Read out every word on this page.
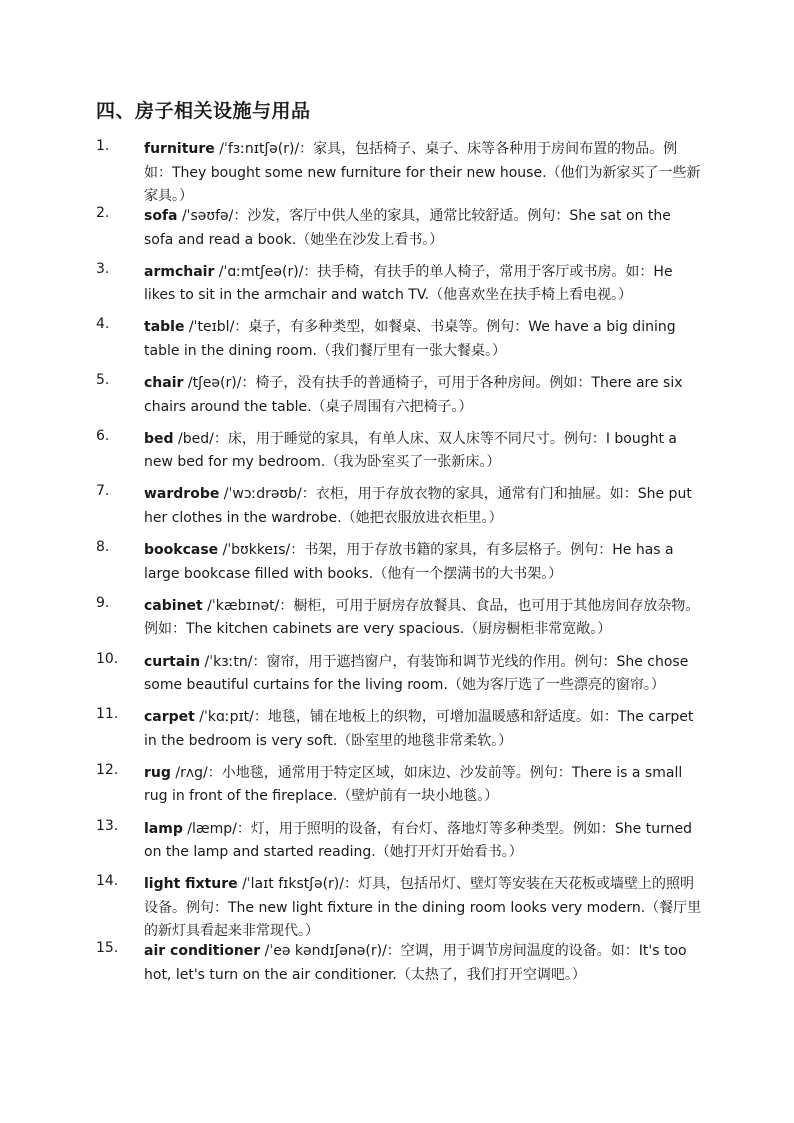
四、房子相关设施与用品
1. furniture /ˈfɜːnɪtʃə(r)/：家具，包括椅子、桌子、床等各种用于房间布置的物品。例如：They bought some new furniture for their new house.（他们为新家买了一些新家具。）
2. sofa /ˈsəʊfə/：沙发，客厅中供人坐的家具，通常比较舒适。例句：She sat on the sofa and read a book.（她坐在沙发上看书。）
3. armchair /ˈɑːmtʃeə(r)/：扶手椅，有扶手的单人椅子，常用于客厅或书房。如：He likes to sit in the armchair and watch TV.（他喜欢坐在扶手椅上看电视。）
4. table /ˈteɪbl/：桌子，有多种类型，如餐桌、书桌等。例句：We have a big dining table in the dining room.（我们餐厅里有一张大餐桌。）
5. chair /tʃeə(r)/：椅子，没有扶手的普通椅子，可用于各种房间。例如：There are six chairs around the table.（桌子周围有六把椅子。）
6. bed /bed/：床，用于睡觉的家具，有单人床、双人床等不同尺寸。例句：I bought a new bed for my bedroom.（我为卧室买了一张新床。）
7. wardrobe /ˈwɔːdrəʊb/：衣柜，用于存放衣物的家具，通常有门和抽屉。如：She put her clothes in the wardrobe.（她把衣服放进衣柜里。）
8. bookcase /ˈbʊkkeɪs/：书架，用于存放书籍的家具，有多层格子。例句：He has a large bookcase filled with books.（他有一个摆满书的大书架。）
9. cabinet /ˈkæbɪnət/：橱柜，可用于厨房存放餐具、食品，也可用于其他房间存放杂物。例如：The kitchen cabinets are very spacious.（厨房橱柜非常宽敞。）
10. curtain /ˈkɜːtn/：窗帘，用于遮挡窗户，有装饰和调节光线的作用。例句：She chose some beautiful curtains for the living room.（她为客厅选了一些漂亮的窗帘。）
11. carpet /ˈkɑːpɪt/：地毯，铺在地板上的织物，可增加温暖感和舒适度。如：The carpet in the bedroom is very soft.（卧室里的地毯非常柔软。）
12. rug /rʌg/：小地毯，通常用于特定区域，如床边、沙发前等。例句：There is a small rug in front of the fireplace.（壁炉前有一块小地毯。）
13. lamp /læmp/：灯，用于照明的设备，有台灯、落地灯等多种类型。例如：She turned on the lamp and started reading.（她打开灯开始看书。）
14. light fixture /ˈlaɪt fɪkstʃə(r)/：灯具，包括吊灯、壁灯等安装在天花板或墙壁上的照明设备。例句：The new light fixture in the dining room looks very modern.（餐厅里的新灯具看起来非常现代。）
15. air conditioner /ˈeə kəndɪʃənə(r)/：空调，用于调节房间温度的设备。如：It's too hot, let's turn on the air conditioner.（太热了，我们打开空调吧。）
